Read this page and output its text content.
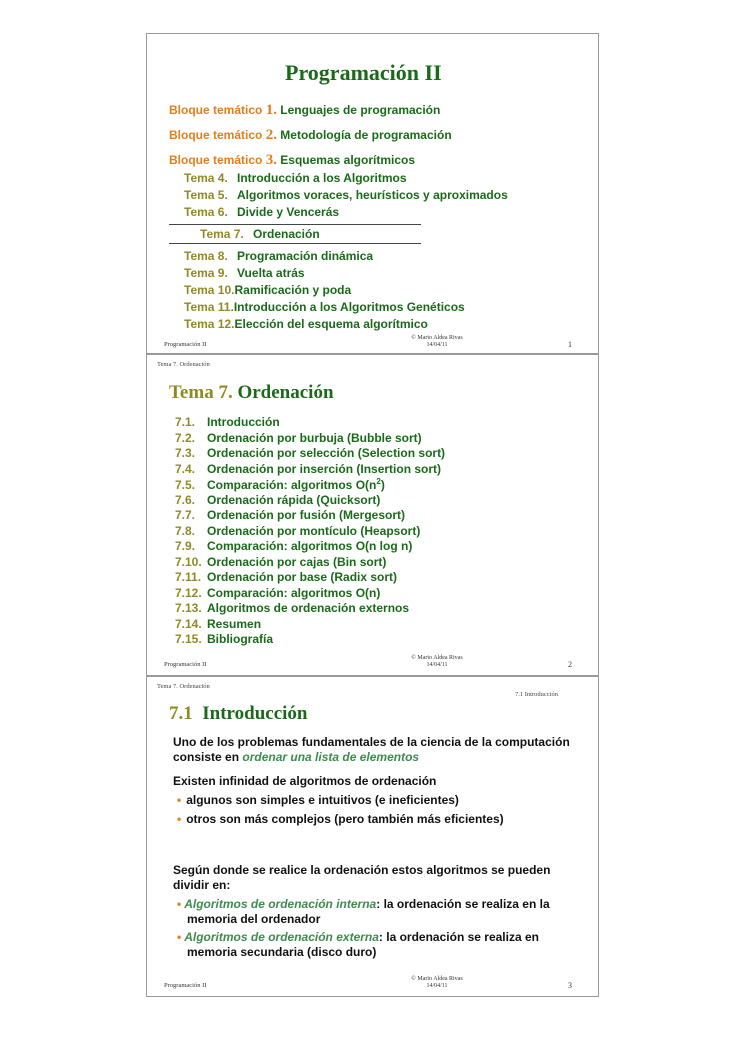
Programación II
Bloque temático 1. Lenguajes de programación
Bloque temático 2. Metodología de programación
Bloque temático 3. Esquemas algorítmicos
Tema 4. Introducción a los Algoritmos
Tema 5. Algoritmos voraces, heurísticos y aproximados
Tema 6. Divide y Vencerás
Tema 7. Ordenación
Tema 8. Programación dinámica
Tema 9. Vuelta atrás
Tema 10.Ramificación y poda
Tema 11.Introducción a los Algoritmos Genéticos
Tema 12.Elección del esquema algorítmico
© Mario Aldea Rivas
14/04/11
Programación II	1
Tema 7. Ordenación
Tema 7. Ordenación
7.1. Introducción
7.2. Ordenación por burbuja (Bubble sort)
7.3. Ordenación por selección (Selection sort)
7.4. Ordenación por inserción (Insertion sort)
7.5. Comparación: algoritmos $O(n^2)$
7.6. Ordenación rápida (Quicksort)
7.7. Ordenación por fusión (Mergesort)
7.8. Ordenación por montículo (Heapsort)
7.9. Comparación: algoritmos O(n log n)
7.10. Ordenación por cajas (Bin sort)
7.11. Ordenación por base (Radix sort)
7.12. Comparación: algoritmos O(n)
7.13. Algoritmos de ordenación externos
7.14. Resumen
7.15. Bibliografía
© Mario Aldea Rivas
14/04/11
Programación II	2
Tema 7. Ordenación
7.1 Introducción
7.1 Introducción
Uno de los problemas fundamentales de la ciencia de la computación consiste en ordenar una lista de elementos
Existen infinidad de algoritmos de ordenación
• algunos son simples e intuitivos (e ineficientes)
• otros son más complejos (pero también más eficientes)
Según donde se realice la ordenación estos algoritmos se pueden dividir en:
• Algoritmos de ordenación interna: la ordenación se realiza en la memoria del ordenador
• Algoritmos de ordenación externa: la ordenación se realiza en memoria secundaria (disco duro)
© Mario Aldea Rivas
14/04/11
Programación II	3
